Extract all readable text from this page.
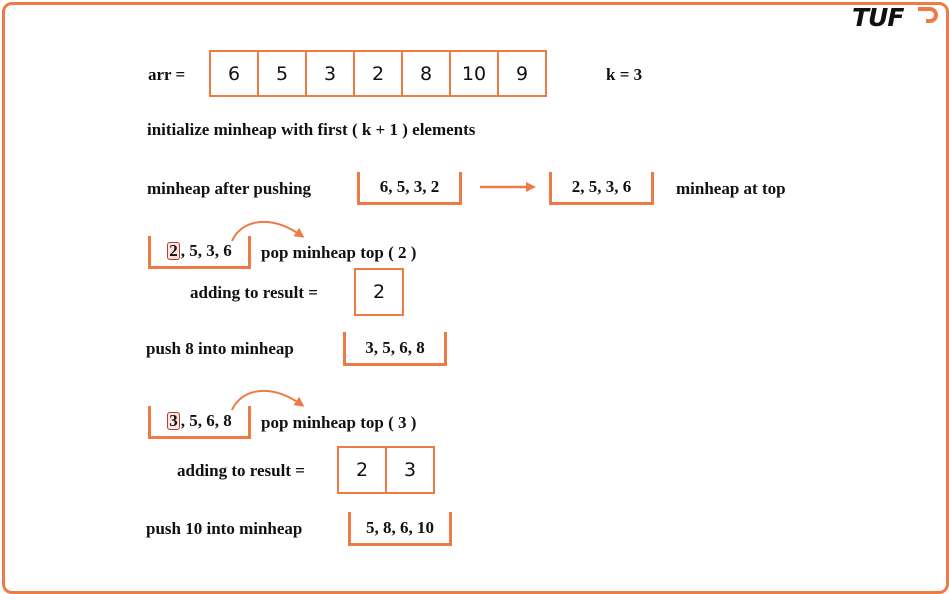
TUF
arr =	6	5	3	2	8	10	9	k = 3
initialize minheap with first ( k + 1 ) elements
minheap after pushing	6, 5, 3, 2	2, 5, 3, 6	minheap at top
2 , 5, 3, 6 pop minheap top ( 2 )
adding to result =	2
push 8 into minheap	3, 5, 6, 8
3 , 5, 6, 8 pop minheap top ( 3 )
adding to result =	2	3
push 10 into minheap	5, 8, 6, 10
